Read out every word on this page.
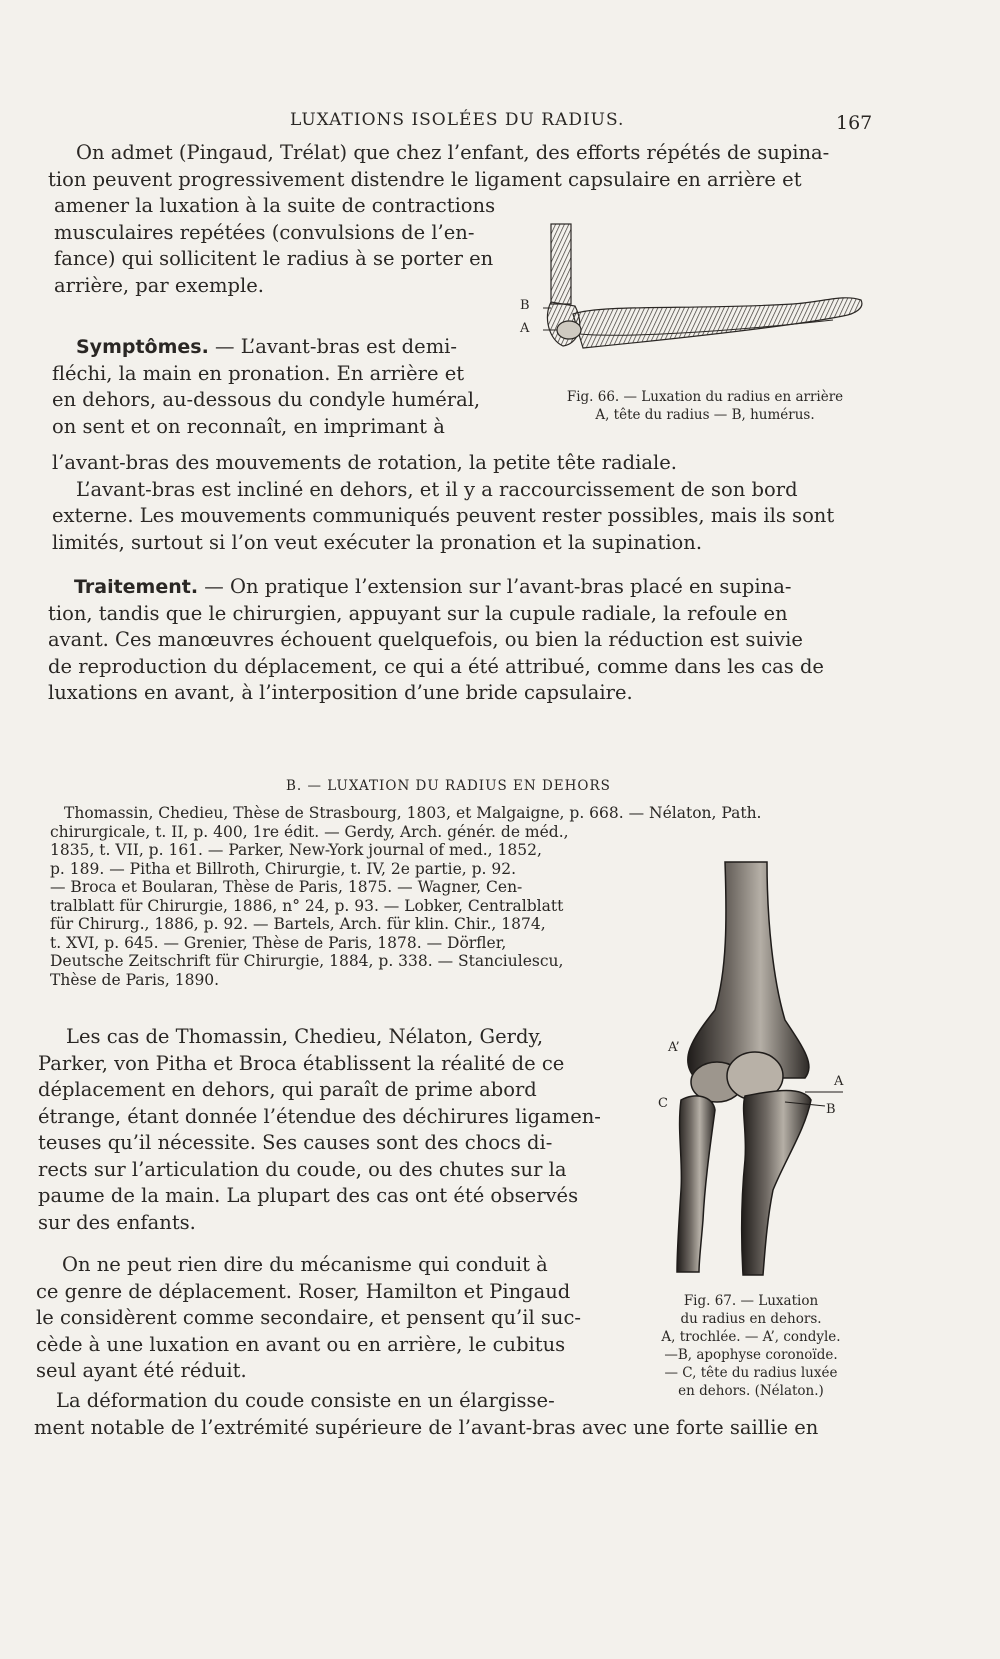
LUXATIONS ISOLÉES DU RADIUS.	167
On admet (Pingaud, Trélat) que chez l’enfant, des efforts répétés de supina-
tion peuvent progressivement distendre le ligament capsulaire en arrière et
amener la luxation à la suite de contractions
musculaires repétées (convulsions de l’en-
fance) qui sollicitent le radius à se porter en
arrière, par exemple.
Symptômes. — L’avant-bras est demi-
fléchi, la main en pronation. En arrière et
en dehors, au-dessous du condyle huméral,
on sent et on reconnaît, en imprimant à
l’avant-bras des mouvements de rotation, la petite tête radiale.
L’avant-bras est incliné en dehors, et il y a raccourcissement de son bord
externe. Les mouvements communiqués peuvent rester possibles, mais ils sont
limités, surtout si l’on veut exécuter la pronation et la supination.
B
A
Fig. 66. — Luxation du radius en arrière
A, tête du radius — B, humérus.
Traitement. — On pratique l’extension sur l’avant-bras placé en supina-
tion, tandis que le chirurgien, appuyant sur la cupule radiale, la refoule en
avant. Ces manœuvres échouent quelquefois, ou bien la réduction est suivie
de reproduction du déplacement, ce qui a été attribué, comme dans les cas de
luxations en avant, à l’interposition d’une bride capsulaire.
B. — LUXATION DU RADIUS EN DEHORS
Thomassin, Chedieu, Thèse de Strasbourg, 1803, et Malgaigne, p. 668. — Nélaton, Path.
chirurgicale, t. II, p. 400, 1re édit. — Gerdy, Arch. génér. de méd.,
1835, t. VII, p. 161. — Parker, New-York journal of med., 1852,
p. 189. — Pitha et Billroth, Chirurgie, t. IV, 2e partie, p. 92.
— Broca et Boularan, Thèse de Paris, 1875. — Wagner, Cen-
tralblatt für Chirurgie, 1886, n° 24, p. 93. — Lobker, Centralblatt
für Chirurg., 1886, p. 92. — Bartels, Arch. für klin. Chir., 1874,
t. XVI, p. 645. — Grenier, Thèse de Paris, 1878. — Dörfler,
Deutsche Zeitschrift für Chirurgie, 1884, p. 338. — Stanciulescu,
Thèse de Paris, 1890.
Les cas de Thomassin, Chedieu, Nélaton, Gerdy,
Parker, von Pitha et Broca établissent la réalité de ce
déplacement en dehors, qui paraît de prime abord
étrange, étant donnée l’étendue des déchirures ligamen-
teuses qu’il nécessite. Ses causes sont des chocs di-
rects sur l’articulation du coude, ou des chutes sur la
paume de la main. La plupart des cas ont été observés
sur des enfants.
On ne peut rien dire du mécanisme qui conduit à
ce genre de déplacement. Roser, Hamilton et Pingaud
le considèrent comme secondaire, et pensent qu’il suc-
cède à une luxation en avant ou en arrière, le cubitus
seul ayant été réduit.
La déformation du coude consiste en un élargisse-
ment notable de l’extrémité supérieure de l’avant-bras avec une forte saillie en
A’
A
B
C
Fig. 67. — Luxation
du radius en dehors.
A, trochlée. — A’, condyle.
—B, apophyse coronoïde.
— C, tête du radius luxée
en dehors. (Nélaton.)
